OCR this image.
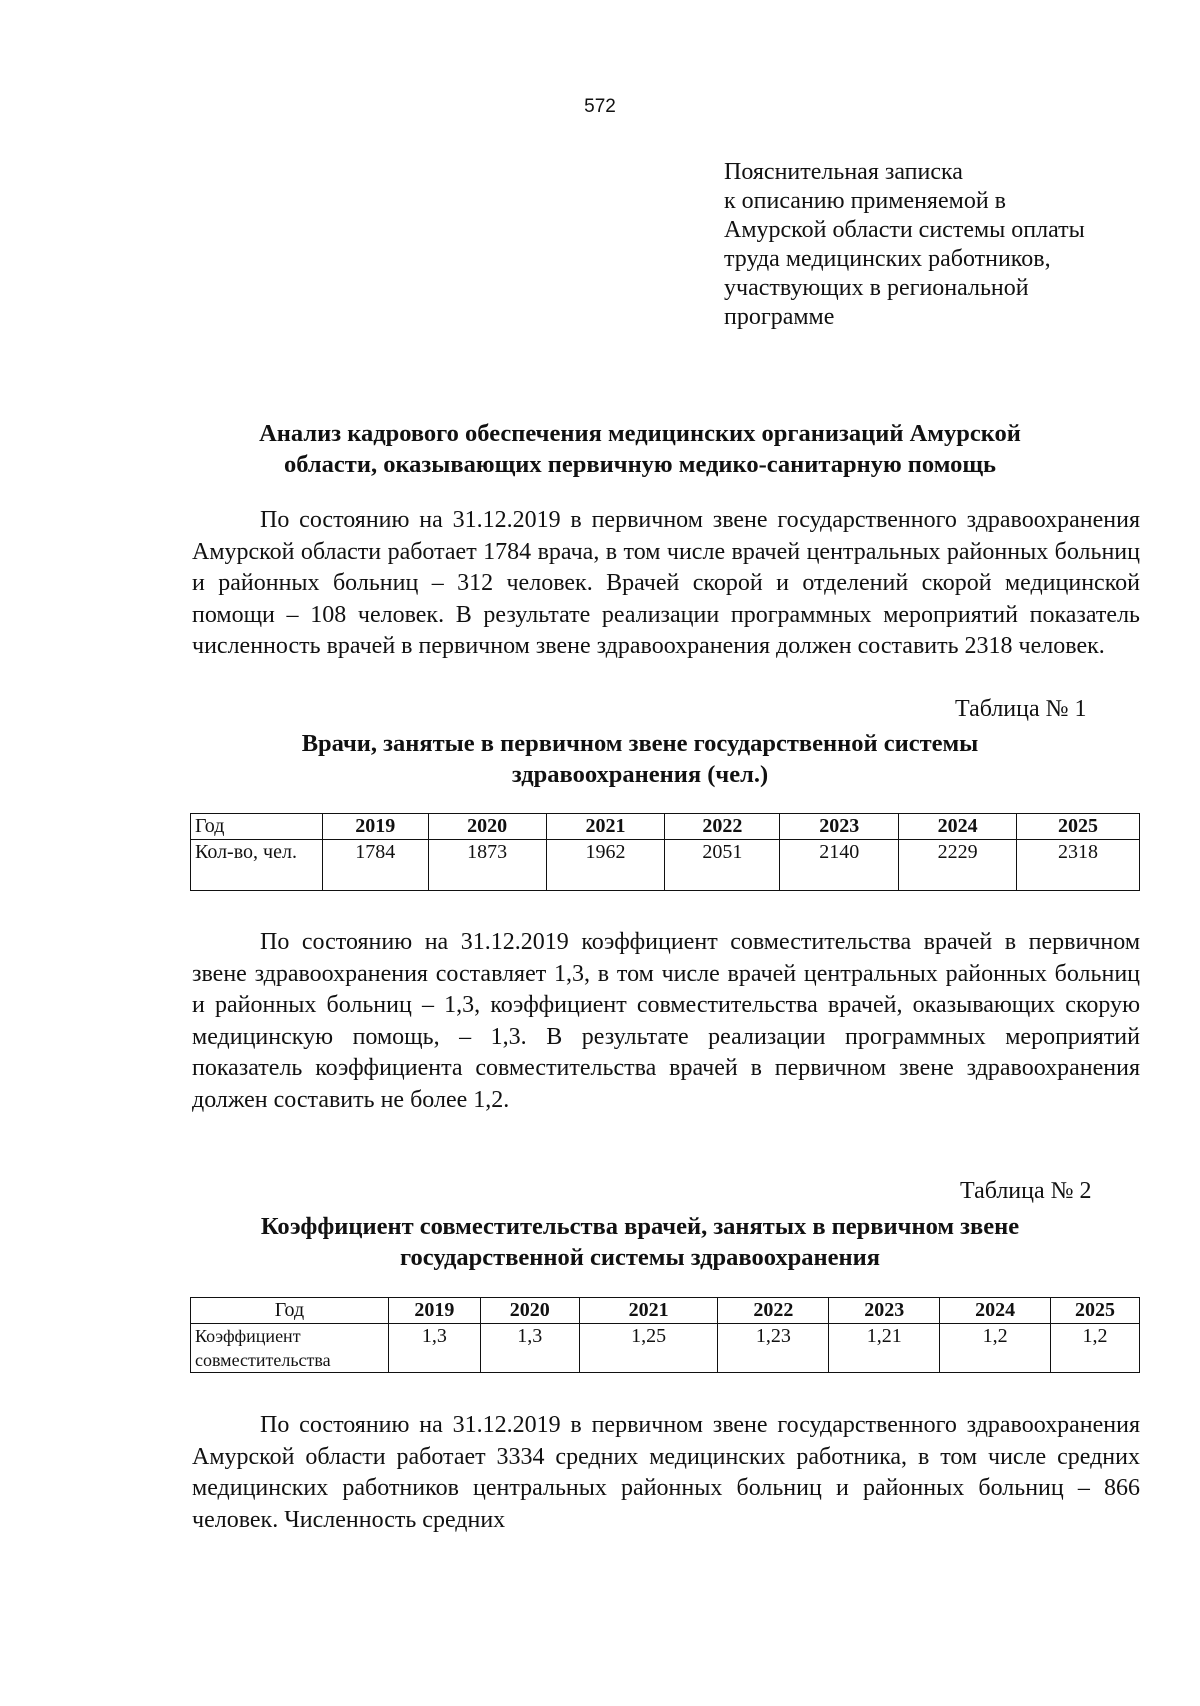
572
Пояснительная записка
к описанию применяемой в
Амурской области системы оплаты
труда медицинских работников,
участвующих в региональной
программе
Анализ кадрового обеспечения медицинских организаций Амурской
области, оказывающих первичную медико-санитарную помощь
По состоянию на 31.12.2019 в первичном звене государственного здравоохранения Амурской области работает 1784 врача, в том числе врачей центральных районных больниц и районных больниц – 312 человек. Врачей скорой и отделений скорой медицинской помощи – 108 человек. В результате реализации программных мероприятий показатель численность врачей в первичном звене здравоохранения должен составить 2318 человек.
Таблица № 1
Врачи, занятые в первичном звене государственной системы
здравоохранения (чел.)
Год	2019	2020	2021	2022	2023	2024	2025
Кол-во, чел.	1784	1873	1962	2051	2140	2229	2318
По состоянию на 31.12.2019 коэффициент совместительства врачей в первичном звене здравоохранения составляет 1,3, в том числе врачей центральных районных больниц и районных больниц – 1,3, коэффициент совместительства врачей, оказывающих скорую медицинскую помощь, – 1,3. В результате реализации программных мероприятий показатель коэффициента совместительства врачей в первичном звене здравоохранения должен составить не более 1,2.
Таблица № 2
Коэффициент совместительства врачей, занятых в первичном звене
государственной системы здравоохранения
Год	2019	2020	2021	2022	2023	2024	2025
Коэффициент совместительства	1,3	1,3	1,25	1,23	1,21	1,2	1,2
По состоянию на 31.12.2019 в первичном звене государственного здравоохранения Амурской области работает 3334 средних медицинских работника, в том числе средних медицинских работников центральных районных больниц и районных больниц – 866 человек. Численность средних
